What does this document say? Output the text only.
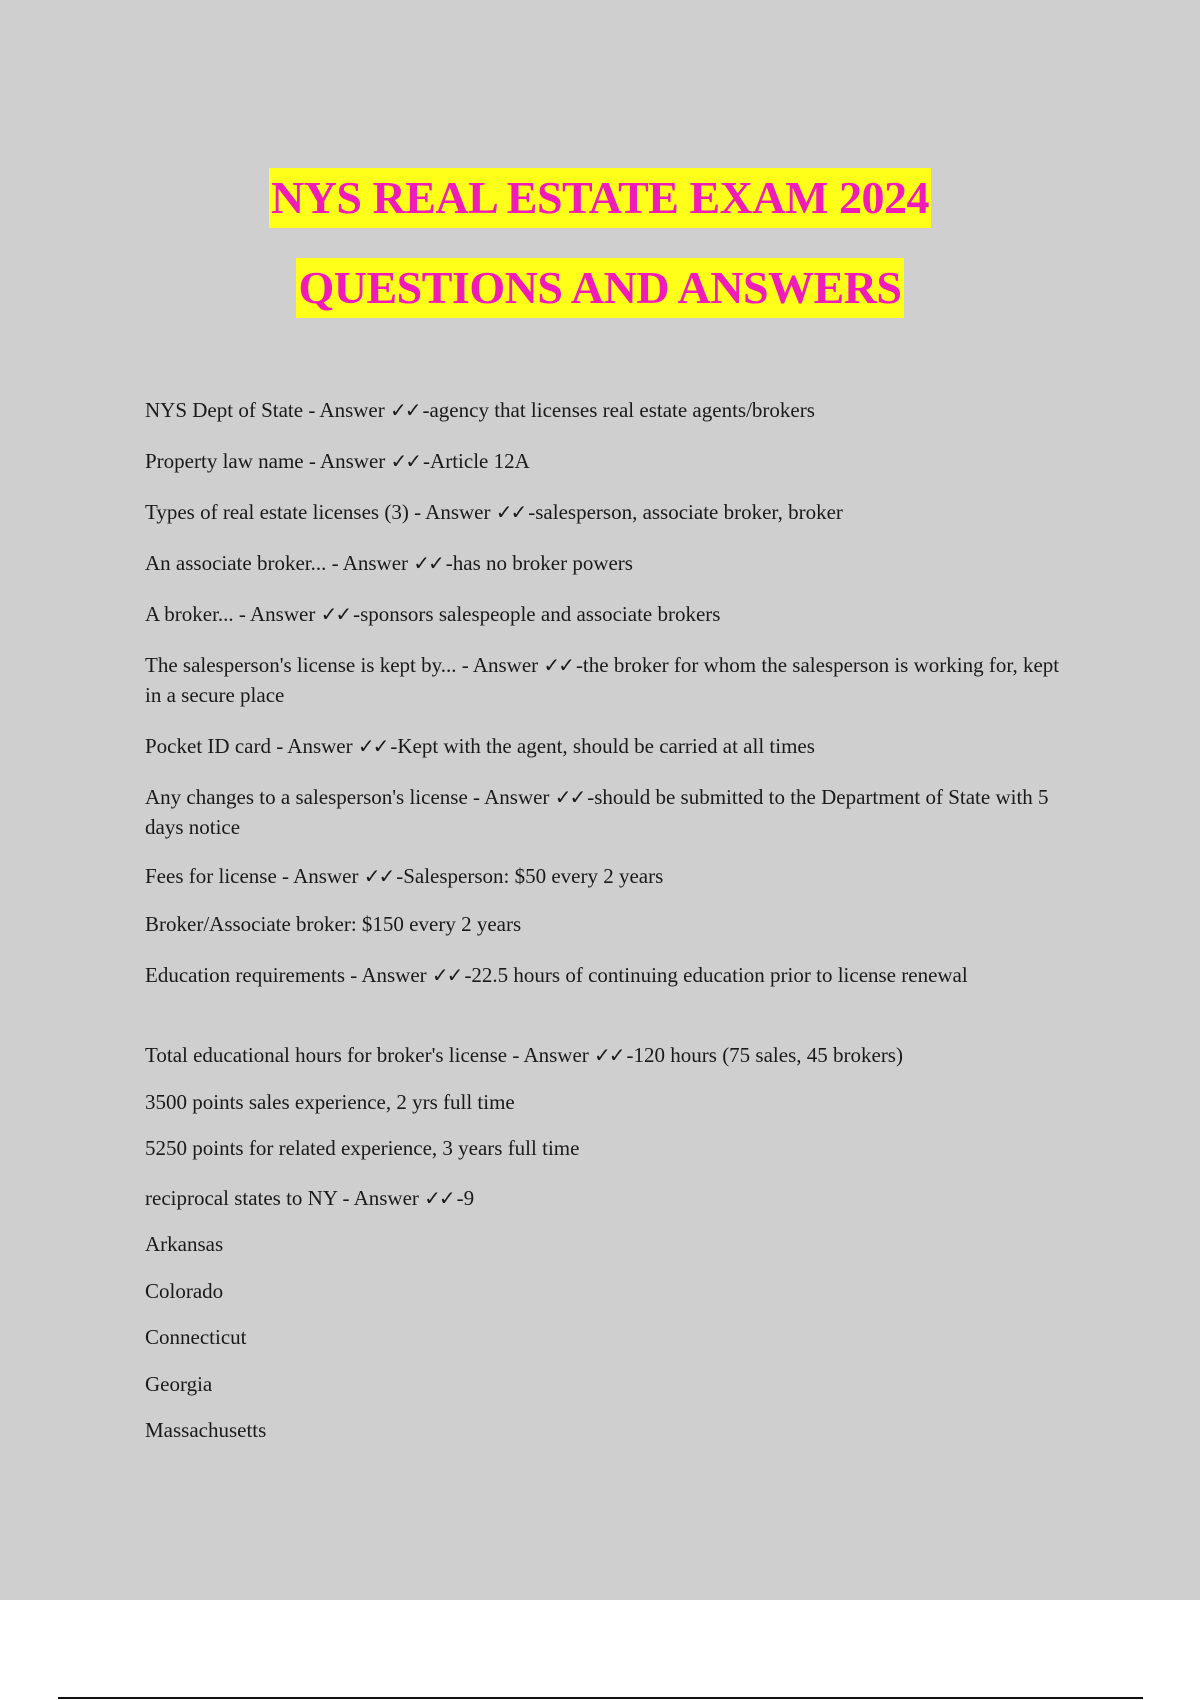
NYS REAL ESTATE EXAM 2024
QUESTIONS AND ANSWERS

NYS Dept of State - Answer ✓✓ -agency that licenses real estate agents/brokers

Property law name - Answer ✓✓ -Article 12A

Types of real estate licenses (3) - Answer ✓✓ -salesperson, associate broker, broker

An associate broker... - Answer ✓✓ -has no broker powers

A broker... - Answer ✓✓ -sponsors salespeople and associate brokers

The salesperson's license is kept by... - Answer ✓✓ -the broker for whom the salesperson is working for, kept in a secure place

Pocket ID card - Answer ✓✓ -Kept with the agent, should be carried at all times

Any changes to a salesperson's license - Answer ✓✓ -should be submitted to the Department of State with 5 days notice

Fees for license - Answer ✓✓ -Salesperson: $50 every 2 years

Broker/Associate broker: $150 every 2 years

Education requirements - Answer ✓✓ -22.5 hours of continuing education prior to license renewal

Total educational hours for broker's license - Answer ✓✓ -120 hours (75 sales, 45 brokers)

3500 points sales experience, 2 yrs full time

5250 points for related experience, 3 years full time

reciprocal states to NY - Answer ✓✓ -9

Arkansas

Colorado

Connecticut

Georgia

Massachusetts
